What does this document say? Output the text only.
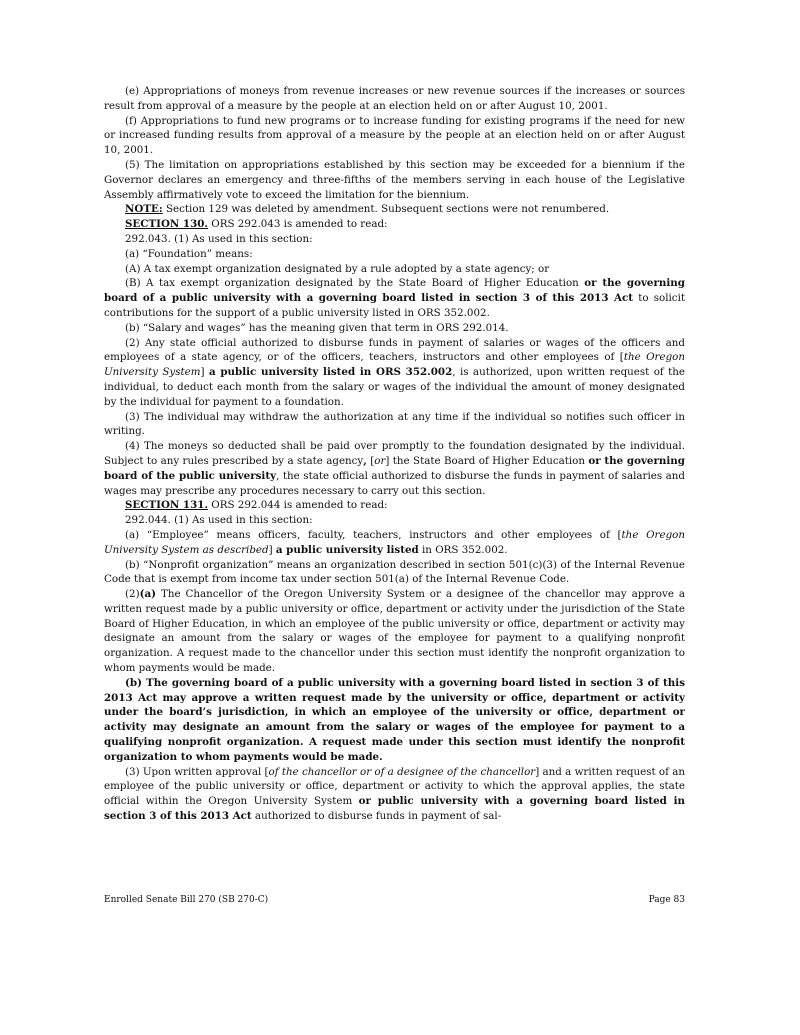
(e) Appropriations of moneys from revenue increases or new revenue sources if the increases or sources result from approval of a measure by the people at an election held on or after August 10, 2001.

(f) Appropriations to fund new programs or to increase funding for existing programs if the need for new or increased funding results from approval of a measure by the people at an election held on or after August 10, 2001.

(5) The limitation on appropriations established by this section may be exceeded for a biennium if the Governor declares an emergency and three-fifths of the members serving in each house of the Legislative Assembly affirmatively vote to exceed the limitation for the biennium.

NOTE: Section 129 was deleted by amendment. Subsequent sections were not renumbered.

SECTION 130. ORS 292.043 is amended to read:

292.043. (1) As used in this section:

(a) “Foundation” means:

(A) A tax exempt organization designated by a rule adopted by a state agency; or

(B) A tax exempt organization designated by the State Board of Higher Education or the governing board of a public university with a governing board listed in section 3 of this 2013 Act to solicit contributions for the support of a public university listed in ORS 352.002.

(b) “Salary and wages” has the meaning given that term in ORS 292.014.

(2) Any state official authorized to disburse funds in payment of salaries or wages of the officers and employees of a state agency, or of the officers, teachers, instructors and other employees of [the Oregon University System] a public university listed in ORS 352.002, is authorized, upon written request of the individual, to deduct each month from the salary or wages of the individual the amount of money designated by the individual for payment to a foundation.

(3) The individual may withdraw the authorization at any time if the individual so notifies such officer in writing.

(4) The moneys so deducted shall be paid over promptly to the foundation designated by the individual. Subject to any rules prescribed by a state agency, [or] the State Board of Higher Education or the governing board of the public university, the state official authorized to disburse the funds in payment of salaries and wages may prescribe any procedures necessary to carry out this section.

SECTION 131. ORS 292.044 is amended to read:

292.044. (1) As used in this section:

(a) “Employee” means officers, faculty, teachers, instructors and other employees of [the Oregon University System as described] a public university listed in ORS 352.002.

(b) “Nonprofit organization” means an organization described in section 501(c)(3) of the Internal Revenue Code that is exempt from income tax under section 501(a) of the Internal Revenue Code.

(2)(a) The Chancellor of the Oregon University System or a designee of the chancellor may approve a written request made by a public university or office, department or activity under the jurisdiction of the State Board of Higher Education, in which an employee of the public university or office, department or activity may designate an amount from the salary or wages of the employee for payment to a qualifying nonprofit organization. A request made to the chancellor under this section must identify the nonprofit organization to whom payments would be made.

(b) The governing board of a public university with a governing board listed in section 3 of this 2013 Act may approve a written request made by the university or office, department or activity under the board’s jurisdiction, in which an employee of the university or office, department or activity may designate an amount from the salary or wages of the employee for payment to a qualifying nonprofit organization. A request made under this section must identify the nonprofit organization to whom payments would be made.

(3) Upon written approval [of the chancellor or of a designee of the chancellor] and a written request of an employee of the public university or office, department or activity to which the approval applies, the state official within the Oregon University System or public university with a governing board listed in section 3 of this 2013 Act authorized to disburse funds in payment of sal-

Enrolled Senate Bill 270 (SB 270-C)	Page 83
